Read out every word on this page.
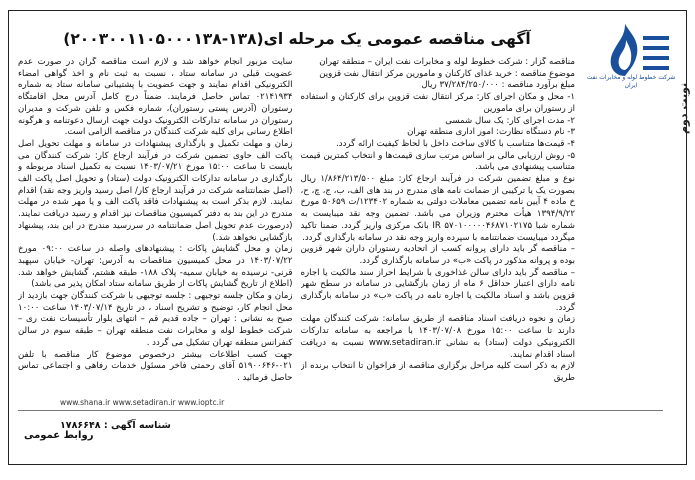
شرکت خطوط لوله و مخابرات نفت ایران	نوبت دوم
آگهی مناقصه عمومی یک مرحله ای(۱۳۸-۲۰۰۳۰۰۱۱۰۵۰۰۰۱۳۸)

مناقصه گزار : شرکت خطوط لوله و مخابرات نفت ایران – منطقه تهران

موضوع مناقصه : خرید غذای کارکنان و مامورین مرکز انتقال نفت قزوین

مبلغ برآورد مناقصه : ۳۷/۲۸۴/۲۵۰/۰۰۰ ریال

۱- محل و مکان اجرای کار: مرکز انتقال نفت قزوین برای کارکنان و استفاده از رستوران برای مامورین

۲- مدت اجرای کار: یک سال شمسی

۳- نام دستگاه نظارت: امور اداری منطقه تهران

۴- قیمت‌ها متناسب با کالای ساخت داخل با لحاظ کیفیت ارائه گردد.

۵- روش ارزیابی مالی بر اساس مرتب سازی قیمت‌ها و انتخاب کمترین قیمت متناسب پیشنهادی می باشد.

نوع و مبلغ تضمین شرکت در فرآیند ارجاع کار: مبلغ ۱/۸۶۴/۲۱۳/۵۰۰ ریال بصورت یک یا ترکیبی از ضمانت نامه های مندرج در بند های الف، ب، ج، چ، ح، خ ماده ۴ آیین نامه تضمین معاملات دولتی به شماره ۱۲۳۴۰۲/ت ۵۰۶۵۹ مورخ ۱۳۹۴/۹/۲۲ هیأت محترم وزیران می باشد. تضمین وجه نقد میبایست به شماره شبا IR ۵۷۰۱۰۰۰۰۰۴۶۸۷۱۰۲۱۷۵ بانک مرکزی واریز گردد. ضمنا تاکید میگردد میبایست ضمانتنامه با سپرده واریز وجه نقد در سامانه بارگذاری گردد.

– مناقصه گر باید دارای پروانه کسب از اتحادیه رستوران داران شهر قزوین بوده و پروانه مذکور در پاکت «ب» در سامانه بارگذاری گردد.

– مناقصه گر باید دارای سالن غذاخوری با شرایط احراز سند مالکیت یا اجاره نامه دارای اعتبار حداقل ۶ ماه از زمان بازگشایی در سامانه در سطح شهر قزوین باشد و اسناد مالکیت یا اجاره نامه در پاکت «ب» در سامانه بارگذاری گردد.

زمان و نحوه دریافت اسناد مناقصه از طریق سامانه: شرکت کنندگان مهلت دارند تا ساعت ۱۵:۰۰ مورخ ۱۴۰۳/۰۷/۰۸ با مراجعه به سامانه تدارکات الکترونیکی دولت (ستاد) به نشانی www.setadiran.ir نسبت به دریافت اسناد اقدام نمایند.

لازم به ذکر است کلیه مراحل برگزاری مناقصه از فراخوان تا انتخاب برنده از طریق

سایت مزبور انجام خواهد شد و لازم است مناقصه گران در صورت عدم عضویت قبلی در سامانه ستاد ، نسبت به ثبت نام و اخذ گواهی امضاء الکترونیکی اقدام نمایند و جهت عضویت با پشتیبانی سامانه ستاد به شماره ۰۲۱۴۱۹۳۴ تماس حاصل فرمایند. ضمناً درج کامل آدرس محل اقامتگاه رستوران (آدرس پستی رستوران)، شماره فکس و تلفن شرکت و مدیران رستوران در سامانه تدارکات الکترونیک دولت جهت ارسال دعوتنامه و هرگونه اطلاع رسانی برای کلیه شرکت کنندگان در مناقصه الزامی است.

زمان و مهلت تکمیل و بارگذاری پیشنهادات در سامانه و مهلت تحویل اصل پاکت الف حاوی تضمین شرکت در فرآیند ارجاع کار: شرکت کنندگان می بایست تا ساعت ۱۵:۰۰ مورخ ۱۴۰۳/۰۷/۲۱ نسبت به تکمیل اسناد مربوطه و بارگذاری در سامانه تدارکات الکترونیک دولت (ستاد) و تحویل اصل پاکت الف (اصل ضمانتنامه شرکت در فرآیند ارجاع کار/ اصل رسید واریز وجه نقد) اقدام نمایند. لازم بذکر است به پیشنهادات فاقد پاکت الف و یا مهر شده در مهلت مندرج در این بند به دفتر کمیسیون مناقصات نیز اقدام و رسید دریافت نمایند. (درصورت عدم تحویل اصل ضمانتنامه در سررسید مندرج در این بند، پیشنهاد بازگشایی نخواهد شد.)

زمان و محل گشایش پاکات : پیشنهادهای واصله در ساعت ۰۹:۰۰ مورخ ۱۴۰۳/۰۷/۲۲ در محل کمیسیون مناقصات به آدرس: تهران- خیابان سپهبد قرنی- نرسیده به خیابان سمیه- پلاک ۱۸۸- طبقه هشتم، گشایش خواهد شد. (اطلاع از تاریخ گشایش پاکات از طریق سامانه ستاد امکان پذیر می باشد)

زمان و مکان جلسه توجیهی : جلسه توجیهی با شرکت کنندگان جهت بازدید از محل انجام کار، توضیح و تشریح اسناد ، در تاریخ ۱۴۰۳/۰۷/۱۴ ساعت ۱۰:۰۰ صبح به نشانی : تهران – جاده قدیم قم – انتهای بلوار تأسیسات نفت ری – شرکت خطوط لوله و مخابرات نفت منطقه تهران – طبقه سوم در سالن کنفرانس منطقه تهران تشکیل می گردد .

جهت کسب اطلاعات بیشتر درخصوص موضوع کار مناقصه با تلفن ۰۲۱-۵۱۹۰۰۶۴۶ آقای رحمتی فاخر مسئول خدمات رفاهی و اجتماعی تماس حاصل فرمائید .

www.shana.ir www.setadiran.ir www.ioptc.ir
شناسه آگهی : ۱۷۸۶۶۴۸
روابط عمومی
